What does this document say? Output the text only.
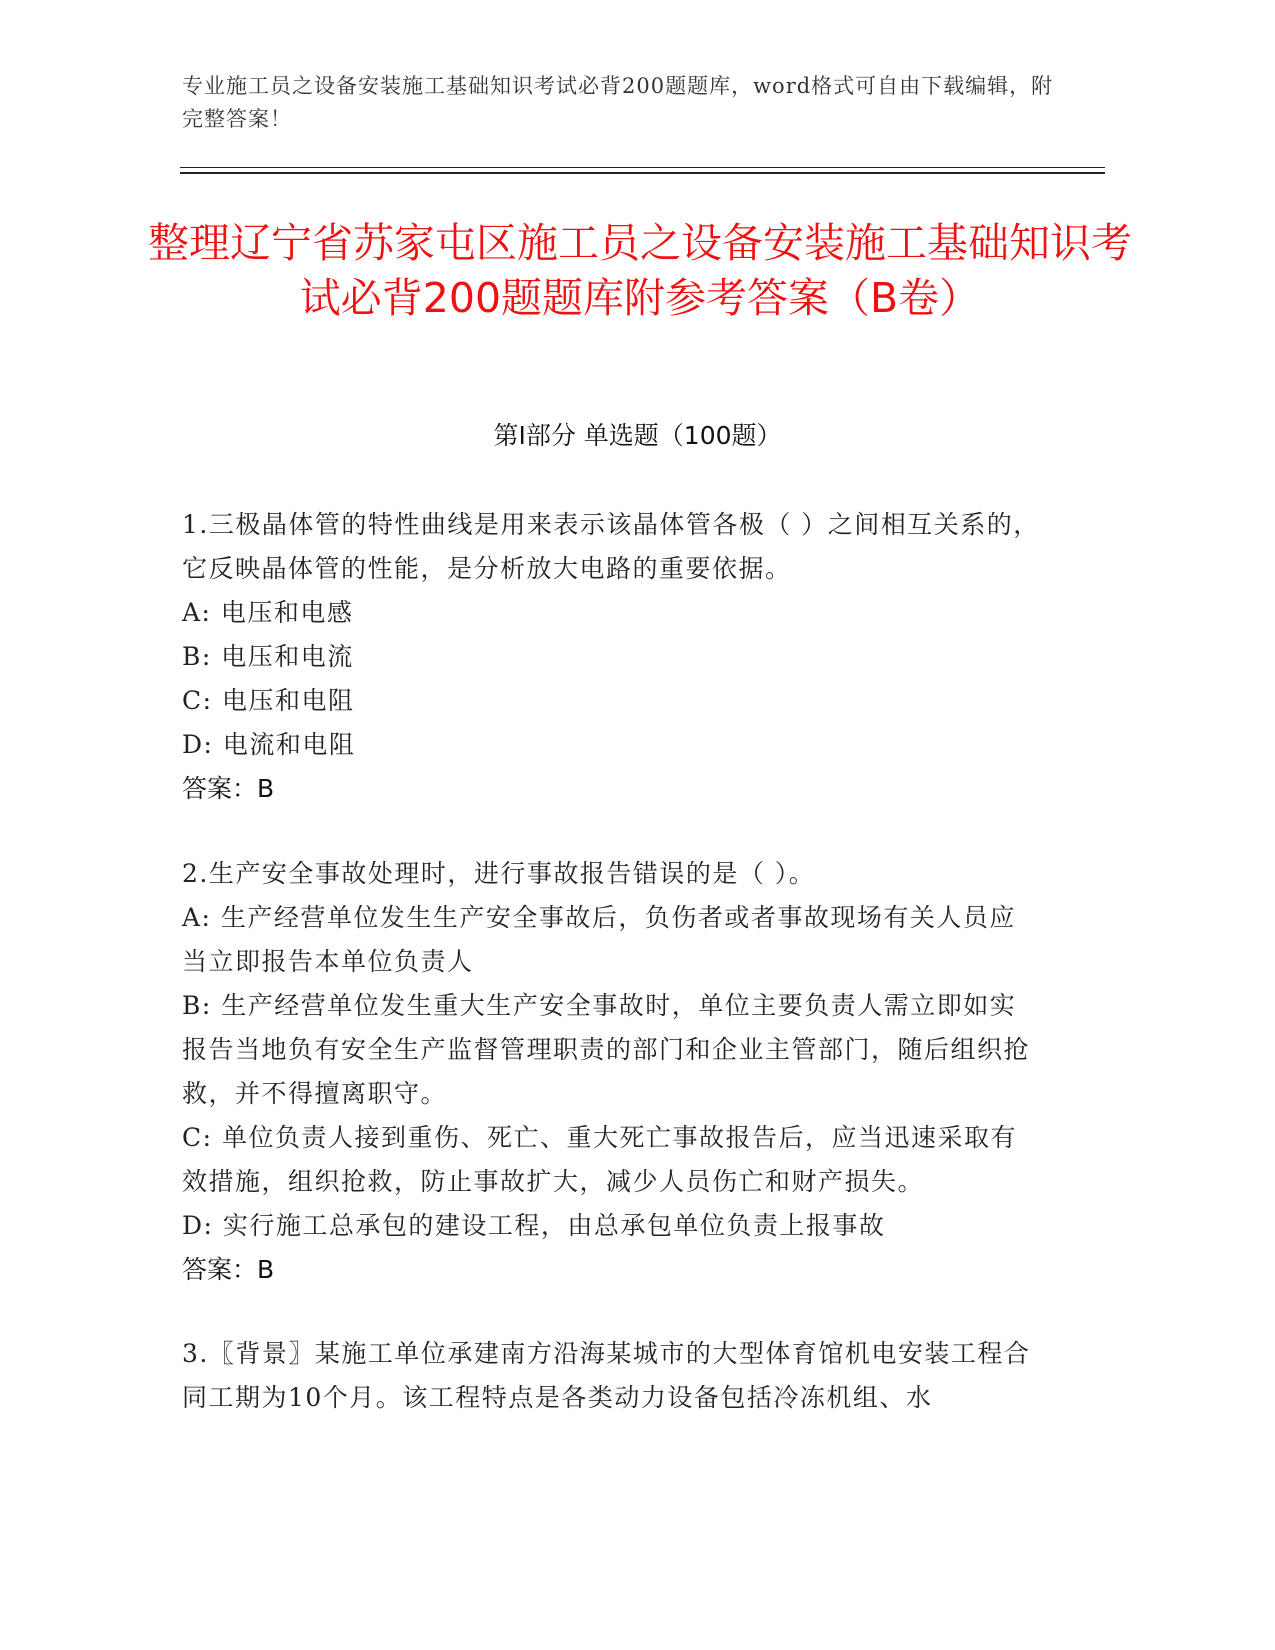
专业施工员之设备安装施工基础知识考试必背200题题库，word格式可自由下载编辑，附完整答案！
整理辽宁省苏家屯区施工员之设备安装施工基础知识考试必背200题题库附参考答案（B卷）
第Ⅰ部分 单选题（100题）

1.三极晶体管的特性曲线是用来表示该晶体管各极（ ）之间相互关系的，它反映晶体管的性能，是分析放大电路的重要依据。

A: 电压和电感

B: 电压和电流

C: 电压和电阻

D: 电流和电阻

答案：B

2.生产安全事故处理时，进行事故报告错误的是（ ）。

A: 生产经营单位发生生产安全事故后，负伤者或者事故现场有关人员应当立即报告本单位负责人

B: 生产经营单位发生重大生产安全事故时，单位主要负责人需立即如实报告当地负有安全生产监督管理职责的部门和企业主管部门，随后组织抢救，并不得擅离职守。

C: 单位负责人接到重伤、死亡、重大死亡事故报告后，应当迅速采取有效措施，组织抢救，防止事故扩大，减少人员伤亡和财产损失。

D: 实行施工总承包的建设工程，由总承包单位负责上报事故

答案：B

3.〖背景〗某施工单位承建南方沿海某城市的大型体育馆机电安装工程合同工期为10个月。该工程特点是各类动力设备包括冷冻机组、水
